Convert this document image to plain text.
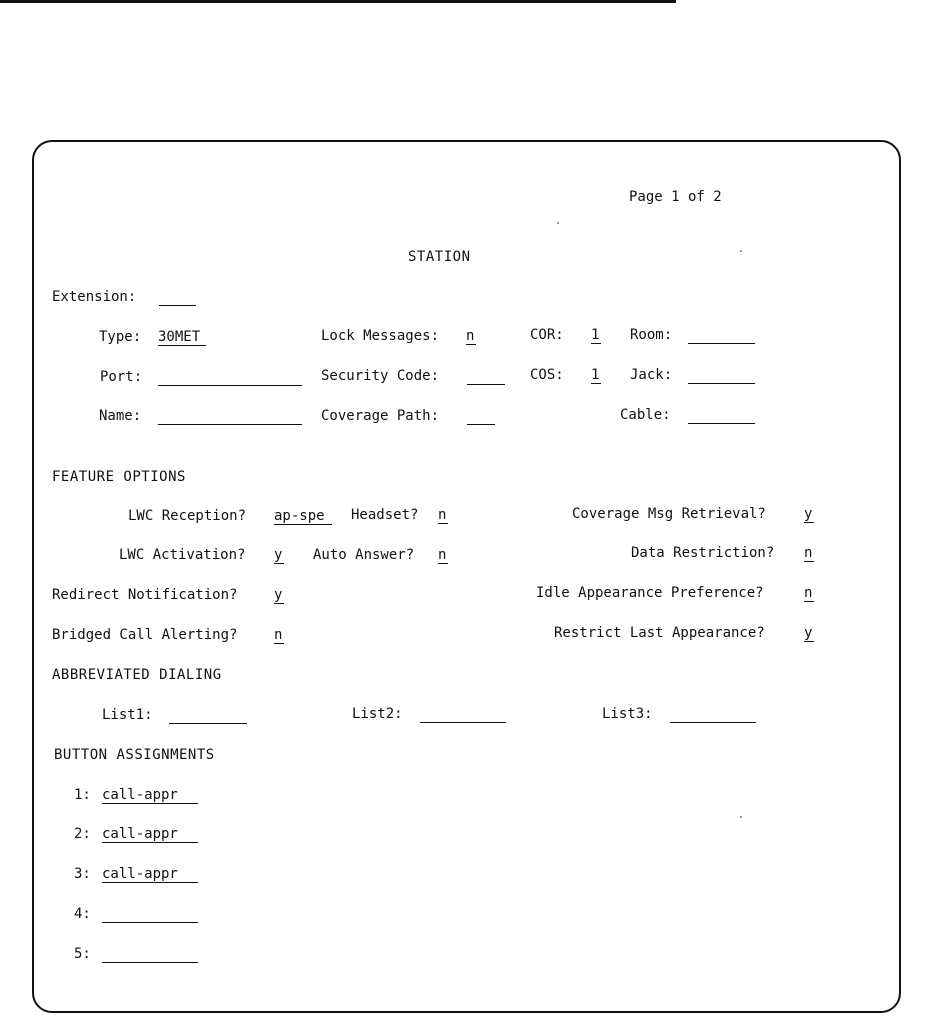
Page 1 of 2
STATION
Extension:
Type: 30MET	Lock Messages: n	COR: 1 Room:
Port:	Security Code:	COS: 1 Jack:
Name:	Coverage Path:	Cable:
FEATURE OPTIONS
LWC Reception? ap-spe	Headset? n	Coverage Msg Retrieval?	y
LWC Activation? y Auto Answer? n	Data Restriction? n
Redirect Notification?	y	Idle Appearance Preference?	n
Bridged Call Alerting?	n	Restrict Last Appearance?	y
ABBREVIATED DIALING
List1:	List2:	List3:
BUTTON ASSIGNMENTS
1: call-appr
2: call-appr
3: call-appr
4:
5:
